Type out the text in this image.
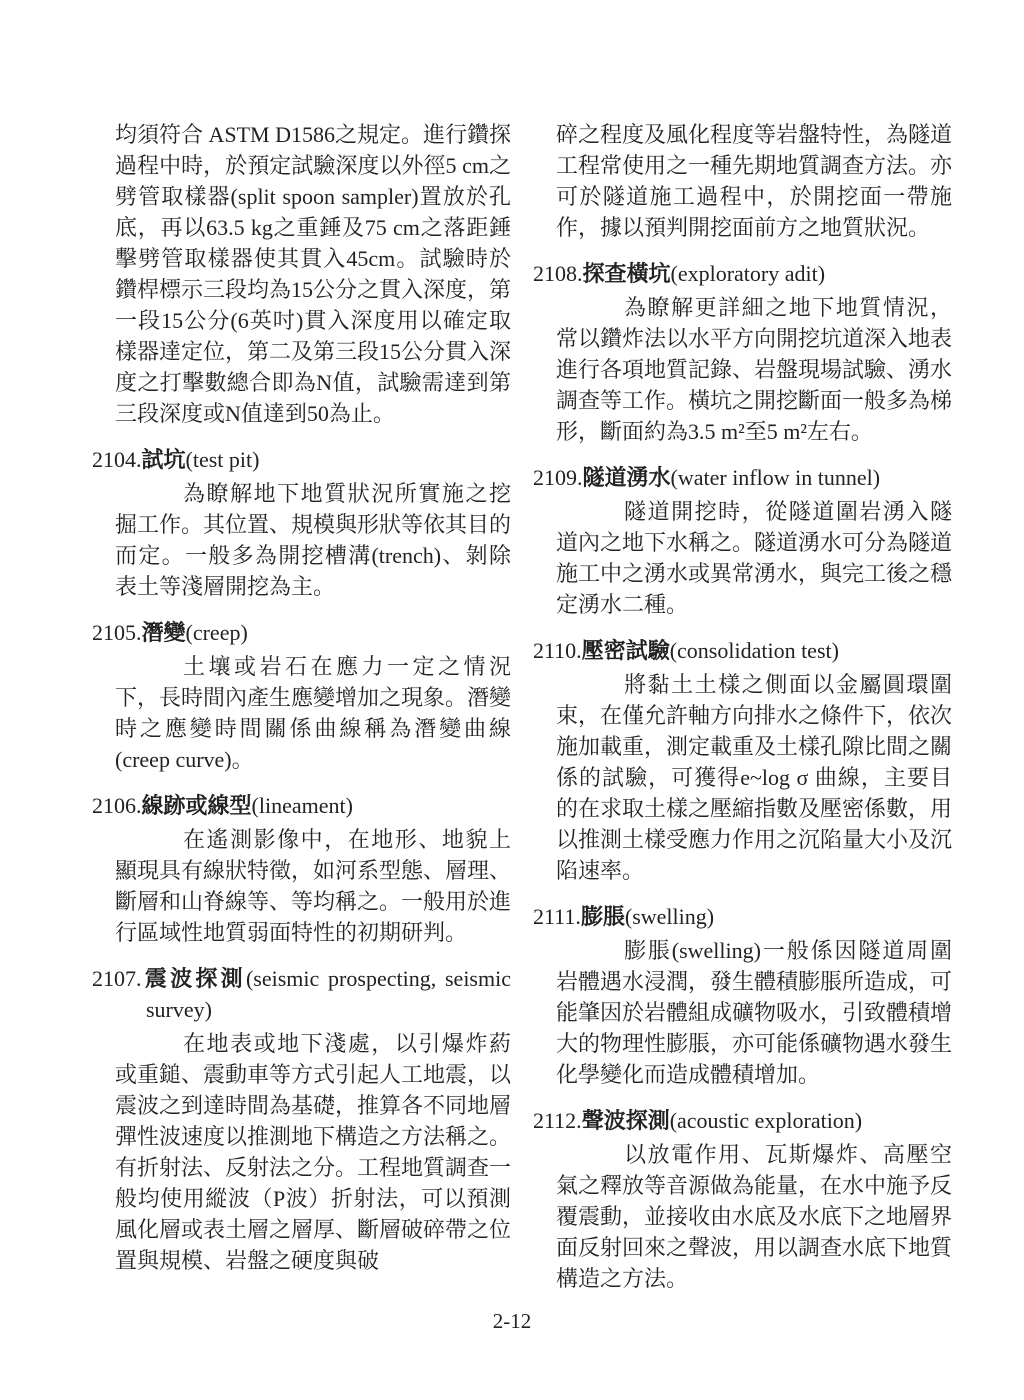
均須符合 ASTM D1586之規定。進行鑽探過程中時，於預定試驗深度以外徑5 cm之劈管取樣器(split spoon sampler)置放於孔底，再以63.5 kg之重錘及75 cm之落距錘擊劈管取樣器使其貫入45cm。試驗時於鑽桿標示三段均為15公分之貫入深度，第一段15公分(6英吋)貫入深度用以確定取樣器達定位，第二及第三段15公分貫入深度之打擊數總合即為N值，試驗需達到第三段深度或N值達到50為止。

2104.試坑(test pit)

為瞭解地下地質狀況所實施之挖掘工作。其位置、規模與形狀等依其目的而定。一般多為開挖槽溝(trench)、剝除表土等淺層開挖為主。

2105.潛變(creep)

土壤或岩石在應力一定之情況下，長時間內產生應變增加之現象。潛變時之應變時間關係曲線稱為潛變曲線(creep curve)。

2106.線跡或線型(lineament)

在遙測影像中，在地形、地貌上顯現具有線狀特徵，如河系型態、層理、斷層和山脊線等、等均稱之。一般用於進行區域性地質弱面特性的初期研判。

2107.震波探測(seismic prospecting, seismic survey)

在地表或地下淺處，以引爆炸葯或重鎚、震動車等方式引起人工地震，以震波之到達時間為基礎，推算各不同地層彈性波速度以推測地下構造之方法稱之。有折射法、反射法之分。工程地質調查一般均使用縱波（P波）折射法，可以預測風化層或表土層之層厚、斷層破碎帶之位置與規模、岩盤之硬度與破

碎之程度及風化程度等岩盤特性，為隧道工程常使用之一種先期地質調查方法。亦可於隧道施工過程中，於開挖面一帶施作，據以預判開挖面前方之地質狀況。

2108.探查橫坑(exploratory adit)

為瞭解更詳細之地下地質情況，常以鑽炸法以水平方向開挖坑道深入地表進行各項地質記錄、岩盤現場試驗、湧水調查等工作。橫坑之開挖斷面一般多為梯形，斷面約為3.5 m²至5 m²左右。

2109.隧道湧水(water inflow in tunnel)

隧道開挖時，從隧道圍岩湧入隧道內之地下水稱之。隧道湧水可分為隧道施工中之湧水或異常湧水，與完工後之穩定湧水二種。

2110.壓密試驗(consolidation test)

將黏土土樣之側面以金屬圓環圍束，在僅允許軸方向排水之條件下，依次施加載重，測定載重及土樣孔隙比間之關係的試驗，可獲得e~log σ 曲線，主要目的在求取土樣之壓縮指數及壓密係數，用以推測土樣受應力作用之沉陷量大小及沉陷速率。

2111.膨脹(swelling)

膨脹(swelling)一般係因隧道周圍岩體遇水浸潤，發生體積膨脹所造成，可能肇因於岩體組成礦物吸水，引致體積增大的物理性膨脹，亦可能係礦物遇水發生化學變化而造成體積增加。

2112.聲波探測(acoustic exploration)

以放電作用、瓦斯爆炸、高壓空氣之釋放等音源做為能量，在水中施予反覆震動，並接收由水底及水底下之地層界面反射回來之聲波，用以調查水底下地質構造之方法。

2-12
